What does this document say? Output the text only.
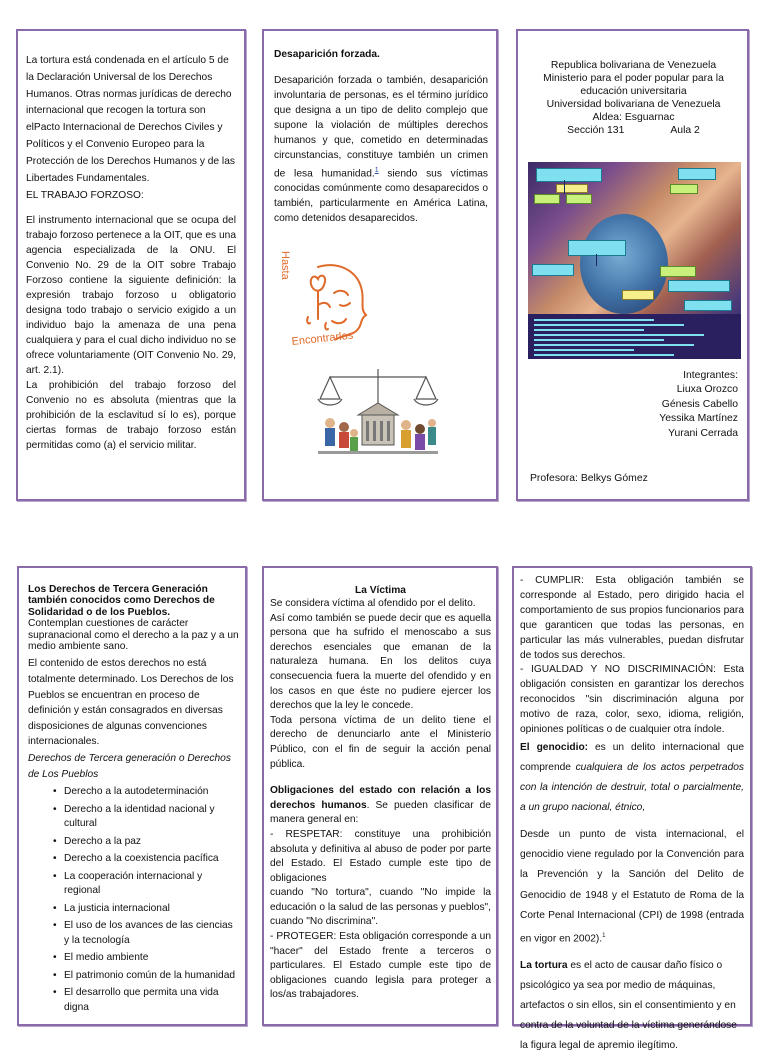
La tortura está condenada en el artículo 5 de la Declaración Universal de los Derechos Humanos. Otras normas jurídicas de derecho internacional que recogen la tortura son elPacto Internacional de Derechos Civiles y Políticos y el Convenio Europeo para la Protección de los Derechos Humanos y de las Libertades Fundamentales.

EL TRABAJO FORZOSO:

El instrumento internacional que se ocupa del trabajo forzoso pertenece a la OIT, que es una agencia especializada de la ONU. El Convenio No. 29 de la OIT sobre Trabajo Forzoso contiene la siguiente definición: la expresión trabajo forzoso u obligatorio designa todo trabajo o servicio exigido a un individuo bajo la amenaza de una pena cualquiera y para el cual dicho individuo no se ofrece voluntariamente (OIT Convenio No. 29, art. 2.1).

La prohibición del trabajo forzoso del Convenio no es absoluta (mientras que la prohibición de la esclavitud sí lo es), porque ciertas formas de trabajo forzoso están permitidas como (a) el servicio militar.

Desaparición forzada.

Desaparición forzada o también, desaparición involuntaria de personas, es el término jurídico que designa a un tipo de delito complejo que supone la violación de múltiples derechos humanos y que, cometido en determinadas circunstancias, constituye también un crimen de lesa humanidad.$^1$ siendo sus víctimas conocidas comúnmente como desaparecidos o también, particularmente en América Latina, como detenidos desaparecidos.

Hasta
Encontrarlos

Republica bolivariana de Venezuela

Ministerio para el poder popular para la educación universitaria

Universidad bolivariana de Venezuela

Aldea: Esguarnac

Sección 131	Aula 2

Integrantes:

Liuxa Orozco

Génesis Cabello

Yessika Martínez

Yurani Cerrada

Profesora: Belkys Gómez

Los Derechos de Tercera Generación también conocidos como Derechos de Solidaridad o de los Pueblos.

Contemplan cuestiones de carácter supranacional como el derecho a la paz y a un medio ambiente sano.

El contenido de estos derechos no está totalmente determinado. Los Derechos de los Pueblos se encuentran en proceso de definición y están consagrados en diversas disposiciones de algunas convenciones internacionales.

Derechos de Tercera generación o Derechos de Los Pueblos

• Derecho a la autodeterminación
• Derecho a la identidad nacional y cultural
• Derecho a la paz
• Derecho a la coexistencia pacífica
• La cooperación internacional y regional
• La justicia internacional
• El uso de los avances de las ciencias y la tecnología
• El medio ambiente
• El patrimonio común de la humanidad
• El desarrollo que permita una vida digna

La Víctima

Se considera víctima al ofendido por el delito.

Así como también se puede decir que es aquella persona que ha sufrido el menoscabo a sus derechos esenciales que emanan de la naturaleza humana. En los delitos cuya consecuencia fuera la muerte del ofendido y en los casos en que éste no pudiere ejercer los derechos que la ley le concede.

Toda persona víctima de un delito tiene el derecho de denunciarlo ante el Ministerio Público, con el fin de seguir la acción penal pública.

Obligaciones del estado con relación a los derechos humanos. Se pueden clasificar de manera general en:

- RESPETAR: constituye una prohibición absoluta y definitiva al abuso de poder por parte del Estado. El Estado cumple este tipo de obligaciones

cuando "No tortura", cuando "No impide la educación o la salud de las personas y pueblos", cuando "No discrimina".

- PROTEGER: Esta obligación corresponde a un "hacer" del Estado frente a terceros o particulares. El Estado cumple este tipo de obligaciones cuando legisla para proteger a los/as trabajadores.

- CUMPLIR: Esta obligación también se corresponde al Estado, pero dirigido hacia el comportamiento de sus propios funcionarios para que garanticen que todas las personas, en particular las más vulnerables, puedan disfrutar de todos sus derechos.

- IGUALDAD Y NO DISCRIMINACIÓN: Esta obligación consisten en garantizar los derechos reconocidos "sin discriminación alguna por motivo de raza, color, sexo, idioma, religión, opiniones políticas o de cualquier otra índole.

El genocidio: es un delito internacional que comprende cualquiera de los actos perpetrados con la intención de destruir, total o parcialmente, a un grupo nacional, étnico,

Desde un punto de vista internacional, el genocidio viene regulado por la Convención para la Prevención y la Sanción del Delito de Genocidio de 1948 y el Estatuto de Roma de la Corte Penal Internacional (CPI) de 1998 (entrada en vigor en 2002).$^1$

La tortura es el acto de causar daño físico o psicológico ya sea por medio de máquinas, artefactos o sin ellos, sin el consentimiento y en contra de la voluntad de la víctima generándose la figura legal de apremio ilegítimo.
